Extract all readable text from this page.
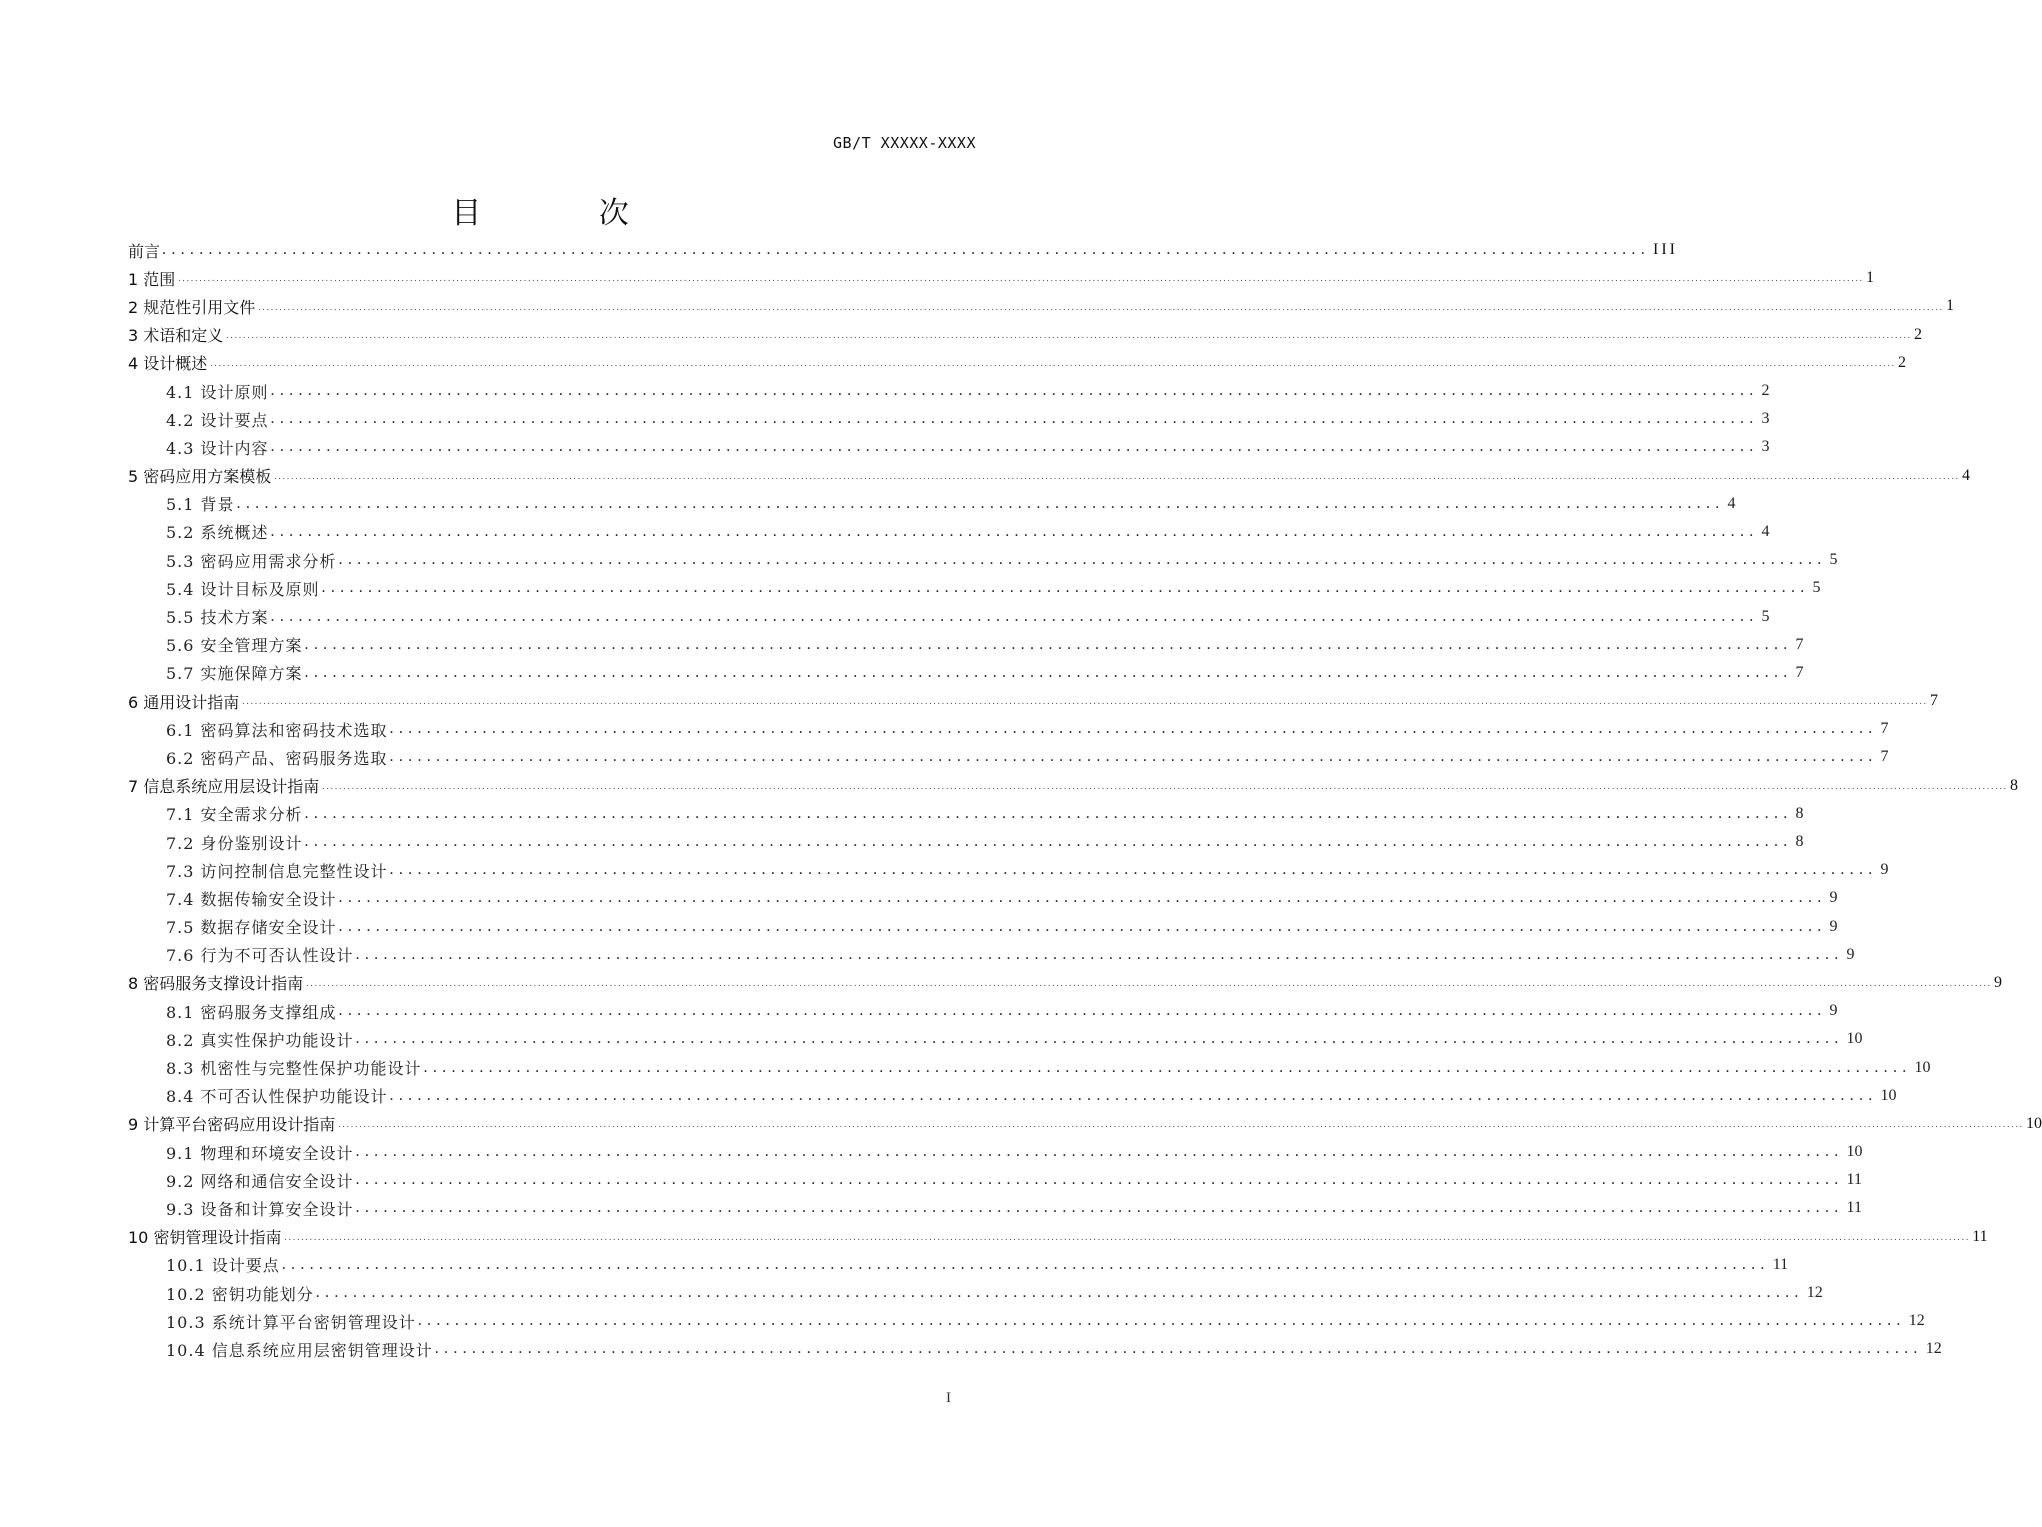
GB/T XXXXX-XXXX
目 次
前言 ................................................................................................................................................................ III
1 范围 ................................................................................................................................................................................................................................................................................................................................................................................................................ 1
2 规范性引用文件 ................................................................................................................................................................................................................................................................................................................................................................................................................ 1
3 术语和定义 ................................................................................................................................................................................................................................................................................................................................................................................................................ 2
4 设计概述 ................................................................................................................................................................................................................................................................................................................................................................................................................ 2
4.1 设计原则 ................................................................................................................................................................ 2
4.2 设计要点 ................................................................................................................................................................ 3
4.3 设计内容 ................................................................................................................................................................ 3
5 密码应用方案模板 ................................................................................................................................................................................................................................................................................................................................................................................................................ 4
5.1 背景 ................................................................................................................................................................ 4
5.2 系统概述 ................................................................................................................................................................ 4
5.3 密码应用需求分析 ................................................................................................................................................................ 5
5.4 设计目标及原则 ................................................................................................................................................................ 5
5.5 技术方案 ................................................................................................................................................................ 5
5.6 安全管理方案 ................................................................................................................................................................ 7
5.7 实施保障方案 ................................................................................................................................................................ 7
6 通用设计指南 ................................................................................................................................................................................................................................................................................................................................................................................................................ 7
6.1 密码算法和密码技术选取 ................................................................................................................................................................ 7
6.2 密码产品、密码服务选取 ................................................................................................................................................................ 7
7 信息系统应用层设计指南 ................................................................................................................................................................................................................................................................................................................................................................................................................ 8
7.1 安全需求分析 ................................................................................................................................................................ 8
7.2 身份鉴别设计 ................................................................................................................................................................ 8
7.3 访问控制信息完整性设计 ................................................................................................................................................................ 9
7.4 数据传输安全设计 ................................................................................................................................................................ 9
7.5 数据存储安全设计 ................................................................................................................................................................ 9
7.6 行为不可否认性设计 ................................................................................................................................................................ 9
8 密码服务支撑设计指南 ................................................................................................................................................................................................................................................................................................................................................................................................................ 9
8.1 密码服务支撑组成 ................................................................................................................................................................ 9
8.2 真实性保护功能设计 ................................................................................................................................................................ 10
8.3 机密性与完整性保护功能设计 ................................................................................................................................................................ 10
8.4 不可否认性保护功能设计 ................................................................................................................................................................ 10
9 计算平台密码应用设计指南 ................................................................................................................................................................................................................................................................................................................................................................................................................ 10
9.1 物理和环境安全设计 ................................................................................................................................................................ 10
9.2 网络和通信安全设计 ................................................................................................................................................................ 11
9.3 设备和计算安全设计 ................................................................................................................................................................ 11
10 密钥管理设计指南 ................................................................................................................................................................................................................................................................................................................................................................................................................ 11
10.1 设计要点 ................................................................................................................................................................ 11
10.2 密钥功能划分 ................................................................................................................................................................ 12
10.3 系统计算平台密钥管理设计 ................................................................................................................................................................ 12
10.4 信息系统应用层密钥管理设计 ................................................................................................................................................................ 12
I
